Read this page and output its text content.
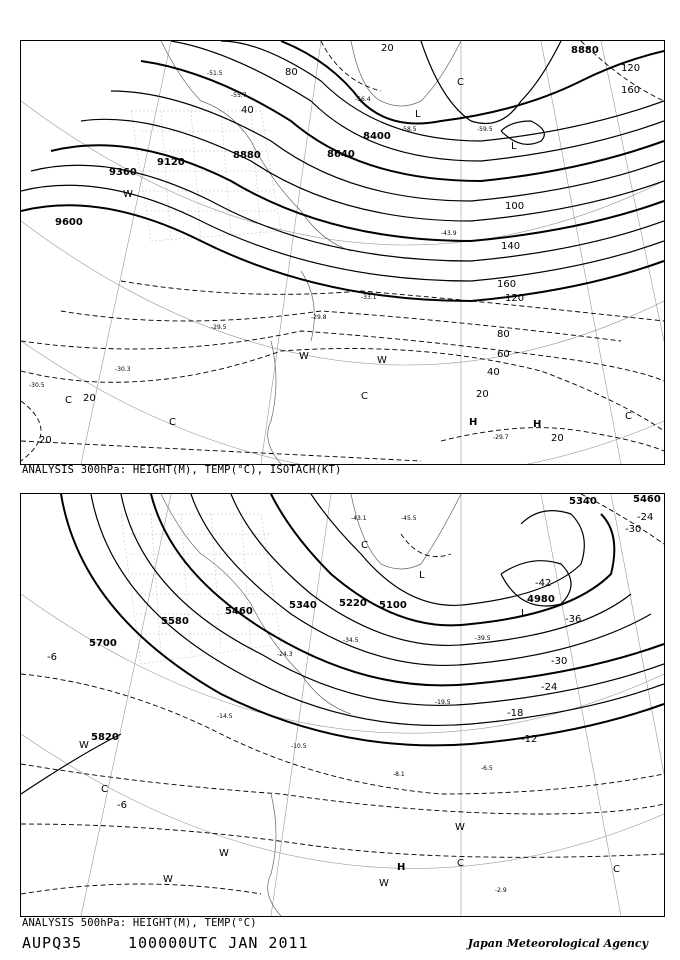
9600
9360
9120
8880	8640
8400
8880
20
40
60
80
100
120
140
160
120
80
40
20
20
20	20
160
-30.5
-29.7
-29.5
-29.8
-30.3
-33.1
-43.9
-59.5
-56.4
-58.5
-51.5
-55.7
W
W	W
C
C
C
C
L
L
H	H
C
ANALYSIS 300hPa: HEIGHT(M), TEMP(°C), ISOTACH(KT)
5700
5580
5460
5340 5220 5100
4980
5820
5340	5460
-42
-36
-30
-24
-18
-12
-6
-6
-30
-24
-45.5
-43.1
-39.5
-34.5
-24.3
-19.5
-14.5
-10.5
-8.1
-6.5
-2.9
W
W
W	W
W
C
C
C
C
H
L
L
ANALYSIS 500hPa: HEIGHT(M), TEMP(°C)
AUPQ35	100000UTC JAN 2011	Japan Meteorological Agency
